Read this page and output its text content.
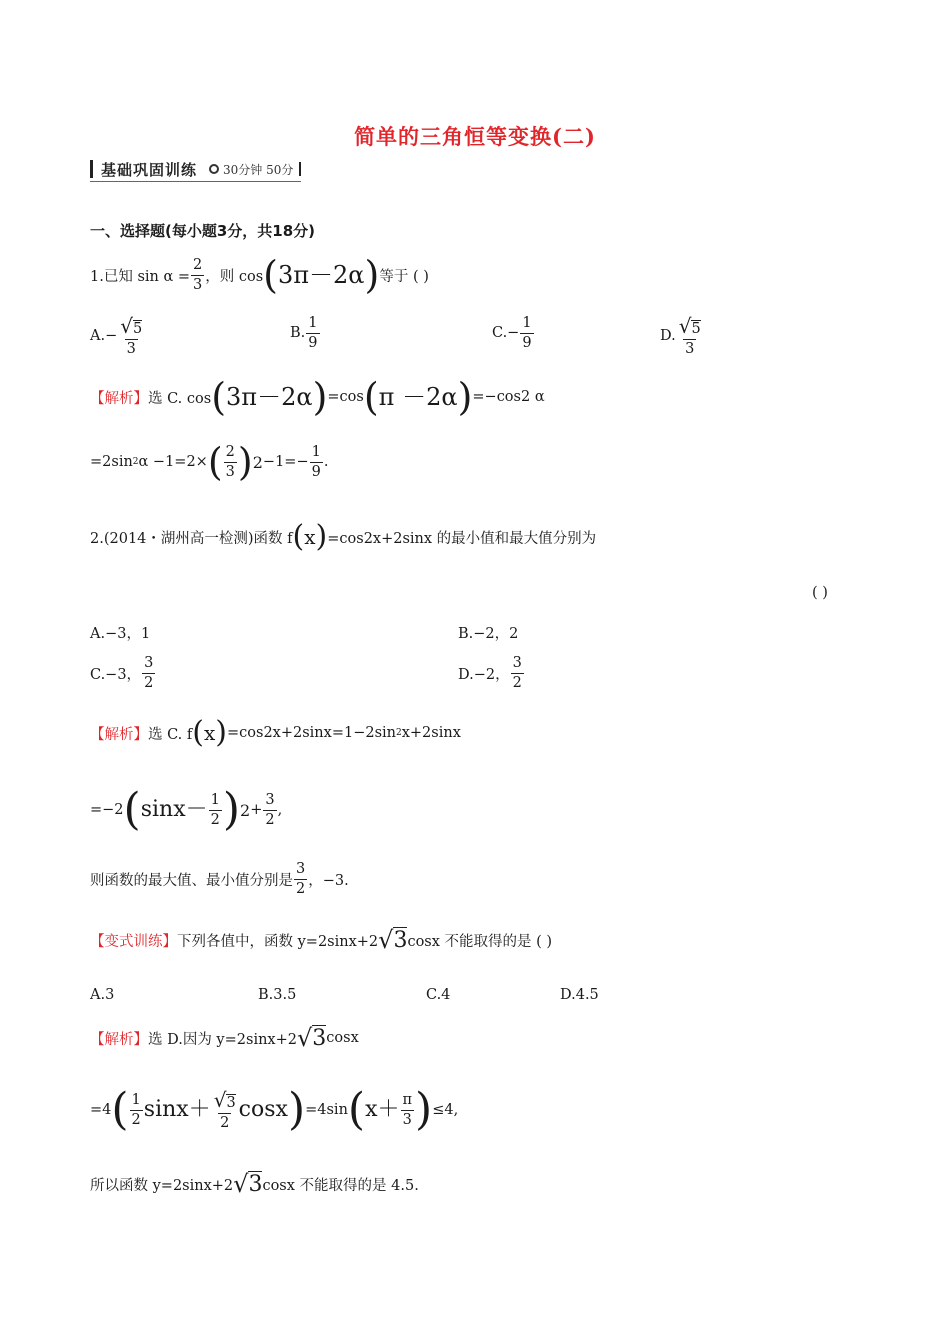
简单的三角恒等变换(二)
基础巩固训练 30分钟 50分
一、选择题(每小题3分，共18分)
1.已知 $\sin \alpha = \frac{2}{3}$ ，则 cos ( 3π－2α ) 等于 ( )
$A.- \frac{√5}{3}$	B. $\frac{1}{9}$	$C.- \frac{1}{9}$	D. $\frac{√5}{3}$
【解析】 选 C. cos ( 3π－2α ) =cos ( π －2α ) =−cos2 α
=2sin 2 α −1=2× ( $\frac{2}{3}$ ) $2 -1=- \frac{1}{9}$ .
2.(2014・湖州高一检测)函数 f ( x ) =cos2x+2sinx 的最小值和最大值分别为
( )
A.−3，1	B.−2，2
C.−3， $\frac{3}{2}$	D.−2， $\frac{3}{2}$
【解析】 选 C. f ( x ) =cos2x+2sinx=1−2sin 2 x+2sinx
=−2 ( $\sin x- \frac{1}{2}$ ) $2 + \frac{3}{2}$ ,
则函数的最大值、最小值分别是 $\frac{3}{2}$ ，−3.
【变式训练】 下列各值中，函数 y=2sinx+2 √ 3 cosx 不能取得的是 ( )
A.3	B.3.5	C.4	D.4.5
【解析】 选 D.因为 y=2sinx+2 √ 3 cosx
=4 ( $\frac{1}{2} \sin x+ \frac{√3}{2}$ cosx ) =4sin ( $x+ \frac{\pi}{3}$ ) ≤4,
所以函数 y=2sinx+2 √ 3 cosx 不能取得的是 4.5.
